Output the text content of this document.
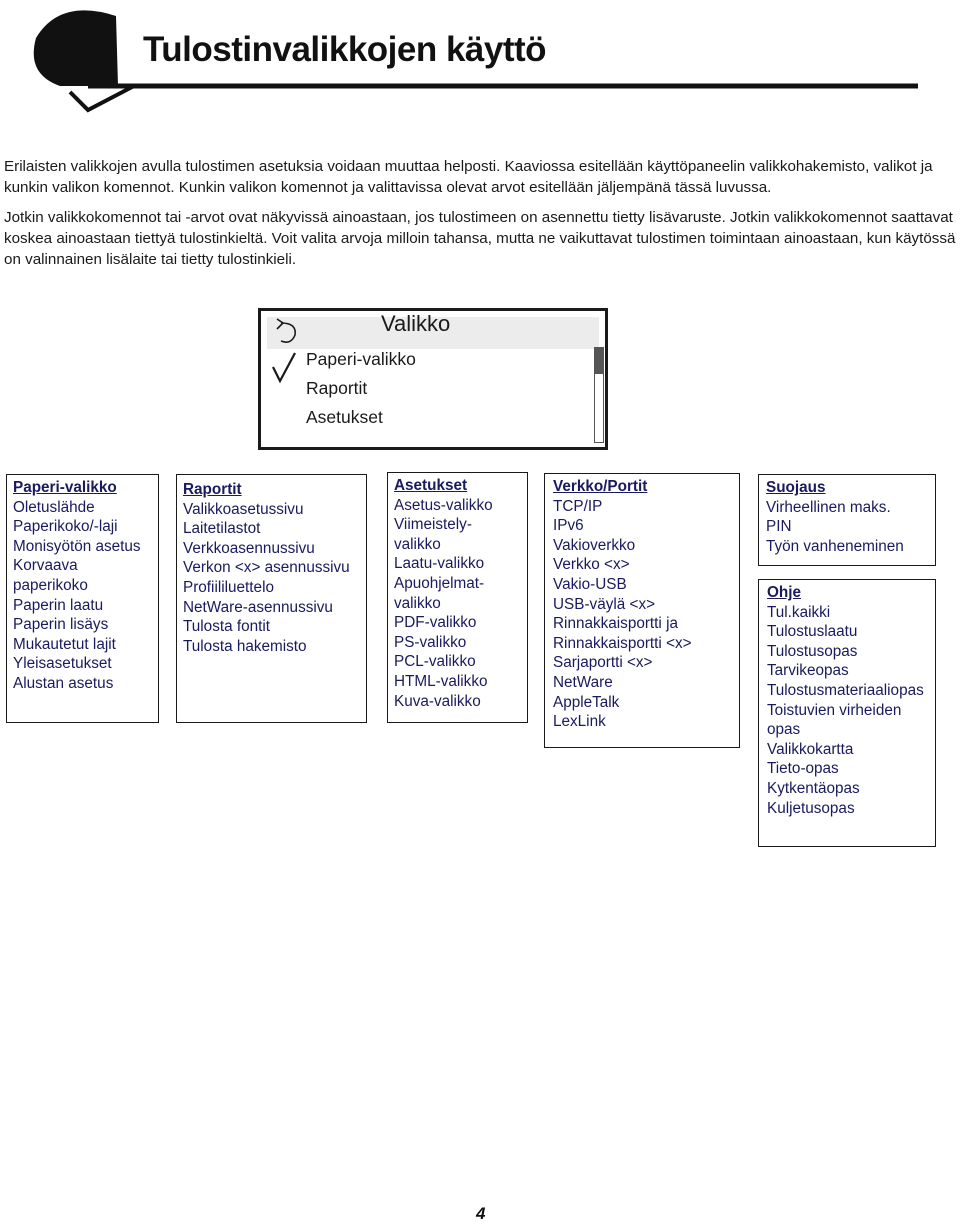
Tulostinvalikkojen käyttö

Erilaisten valikkojen avulla tulostimen asetuksia voidaan muuttaa helposti. Kaaviossa esitellään käyttöpaneelin valikkohakemisto, valikot ja kunkin valikon komennot. Kunkin valikon komennot ja valittavissa olevat arvot esitellään jäljempänä tässä luvussa.

Jotkin valikkokomennot tai -arvot ovat näkyvissä ainoastaan, jos tulostimeen on asennettu tietty lisävaruste. Jotkin valikkokomennot saattavat koskea ainoastaan tiettyä tulostinkieltä. Voit valita arvoja milloin tahansa, mutta ne vaikuttavat tulostimen toimintaan ainoastaan, kun käytössä on valinnainen lisälaite tai tietty tulostinkieli.

Valikko
Paperi-valikko
Raportit
Asetukset
Paperi-valikko
Oletuslähde
Paperikoko/-laji
Monisyötön asetus
Korvaava
paperikoko
Paperin laatu
Paperin lisäys
Mukautetut lajit
Yleisasetukset
Alustan asetus
Raportit
Valikkoasetussivu
Laitetilastot
Verkkoasennussivu
Verkon <x> asennussivu
Profiililuettelo
NetWare-asennussivu
Tulosta fontit
Tulosta hakemisto
Asetukset
Asetus-valikko
Viimeistely-
valikko
Laatu-valikko
Apuohjelmat-
valikko
PDF-valikko
PS-valikko
PCL-valikko
HTML-valikko
Kuva-valikko
Verkko/Portit
TCP/IP
IPv6
Vakioverkko
Verkko <x>
Vakio-USB
USB-väylä <x>
Rinnakkaisportti ja
Rinnakkaisportti <x>
Sarjaportti <x>
NetWare
AppleTalk
LexLink
Suojaus
Virheellinen maks.
PIN
Työn vanheneminen
Ohje
Tul.kaikki
Tulostuslaatu
Tulostusopas
Tarvikeopas
Tulostusmateriaaliopas
Toistuvien virheiden
opas
Valikkokartta
Tieto-opas
Kytkentäopas
Kuljetusopas
4
